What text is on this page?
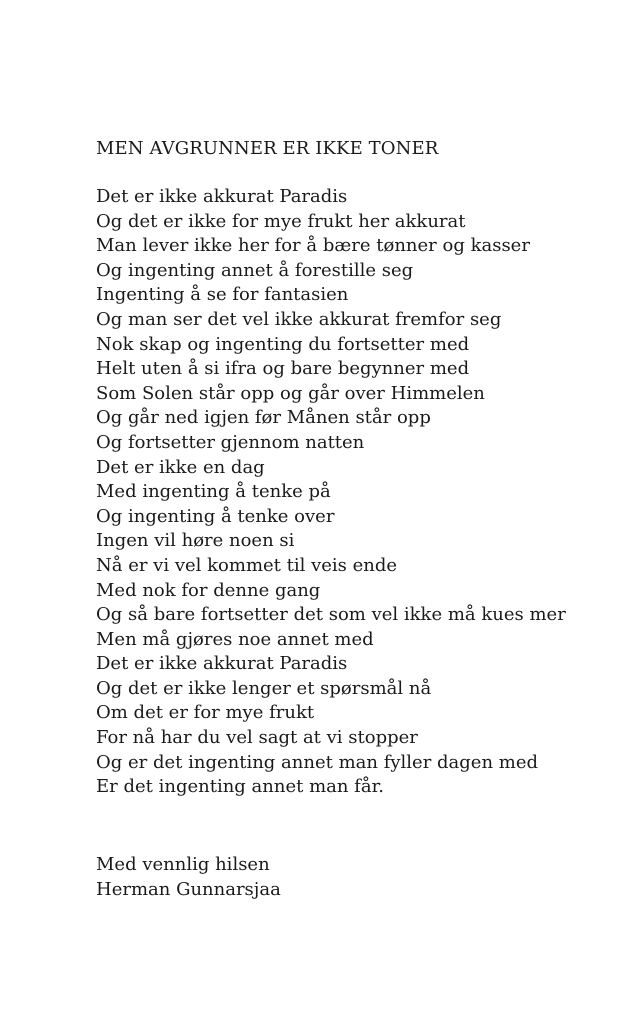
MEN AVGRUNNER ER IKKE TONER
Det er ikke akkurat Paradis
Og det er ikke for mye frukt her akkurat
Man lever ikke her for å bære tønner og kasser
Og ingenting annet å forestille seg
Ingenting å se for fantasien
Og man ser det vel ikke akkurat fremfor seg
Nok skap og ingenting du fortsetter med
Helt uten å si ifra og bare begynner med
Som Solen står opp og går over Himmelen
Og går ned igjen før Månen står opp
Og fortsetter gjennom natten
Det er ikke en dag
Med ingenting å tenke på
Og ingenting å tenke over
Ingen vil høre noen si
Nå er vi vel kommet til veis ende
Med nok for denne gang
Og så bare fortsetter det som vel ikke må kues mer
Men må gjøres noe annet med
Det er ikke akkurat Paradis
Og det er ikke lenger et spørsmål nå
Om det er for mye frukt
For nå har du vel sagt at vi stopper
Og er det ingenting annet man fyller dagen med
Er det ingenting annet man får.
Med vennlig hilsen
Herman Gunnarsjaa
